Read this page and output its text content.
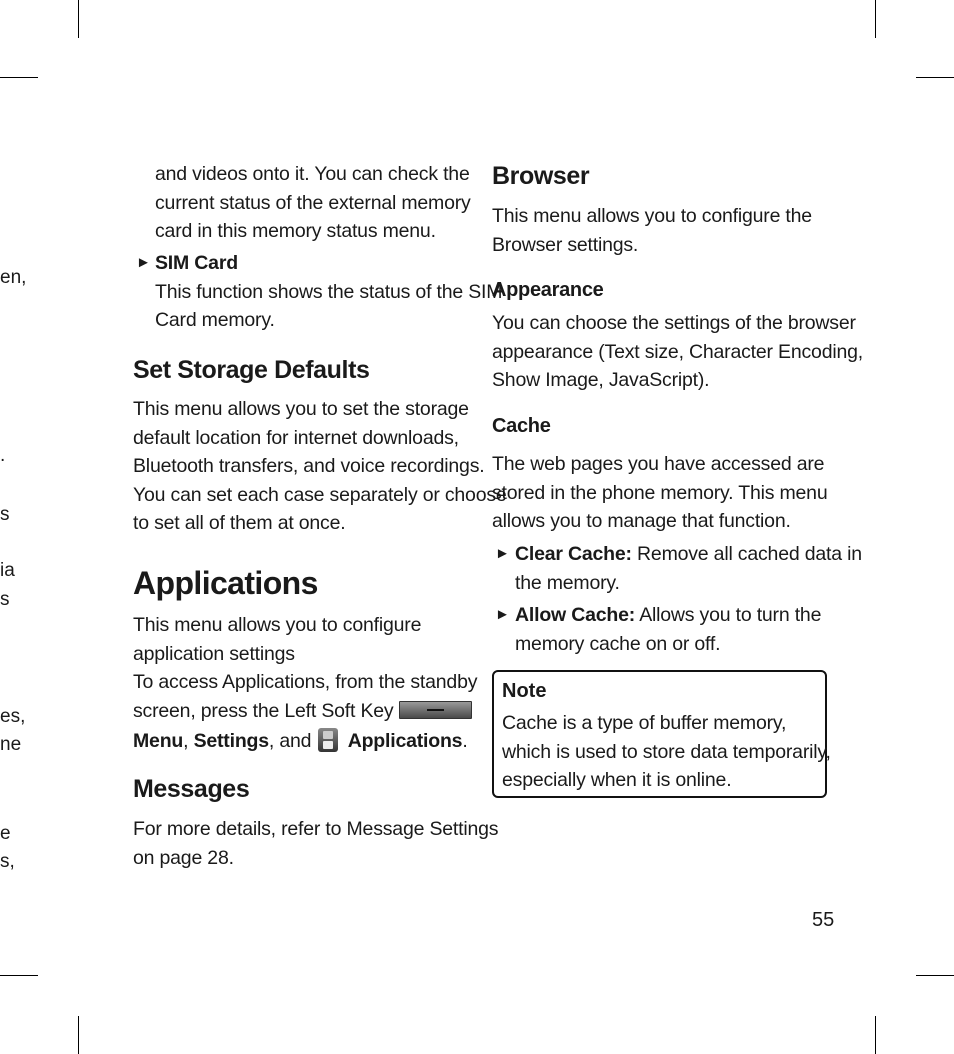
en,
.
s
ia
s
es,
ne
e
s,
and videos onto it. You can check the
current status of the external memory
card in this memory status menu.
► SIM Card
This function shows the status of the SIM
Card memory.
Set Storage Defaults
This menu allows you to set the storage
default location for internet downloads,
Bluetooth transfers, and voice recordings.
You can set each case separately or choose
to set all of them at once.
Applications
This menu allows you to configure
application settings
To access Applications, from the standby
screen, press the Left Soft Key
Menu, Settings, and Applications.
Messages
For more details, refer to Message Settings
on page 28.
Browser
This menu allows you to configure the
Browser settings.
Appearance
You can choose the settings of the browser
appearance (Text size, Character Encoding,
Show Image, JavaScript).
Cache
The web pages you have accessed are
stored in the phone memory. This menu
allows you to manage that function.
► Clear Cache: Remove all cached data in
the memory.
► Allow Cache: Allows you to turn the
memory cache on or off.
Note
Cache is a type of buffer memory,
which is used to store data temporarily,
especially when it is online.
55
